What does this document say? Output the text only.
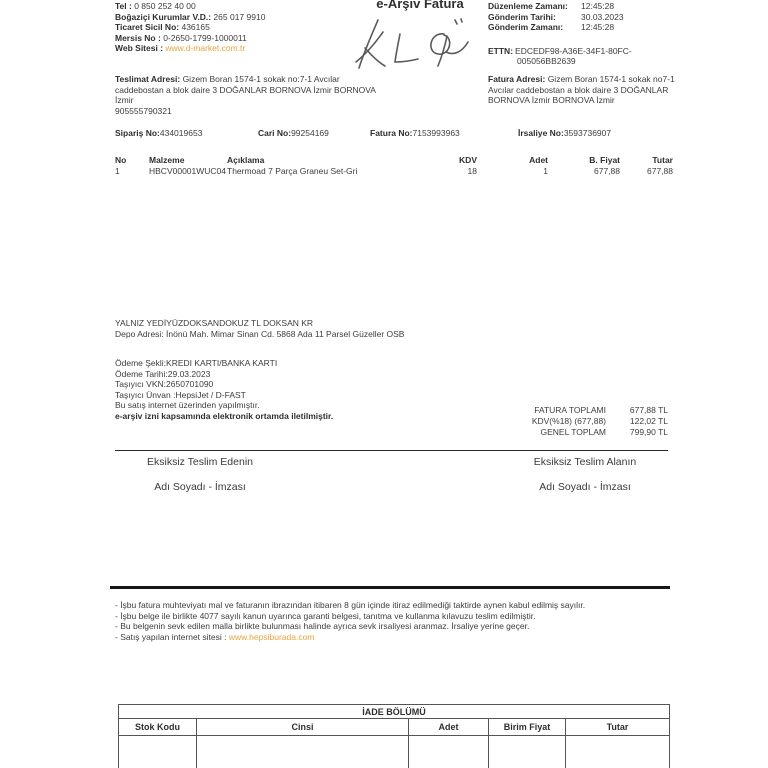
Tel : 0 850 252 40 00
Boğaziçi Kurumlar V.D.: 265 017 9910
Ticaret Sicil No: 436165
Mersis No : 0-2650-1799-1000011
Web Sitesi : www.d-market.com.tr
e-Arşiv Fatura	Düzenleme Zamanı:	12:45:28
Gönderim Tarihi:	30.03.2023
Gönderim Zamanı:	12:45:28
ETTN: EDCEDF98-A36E-34F1-80FC-
005056BB2639
Teslimat Adresi: Gizem Boran 1574-1 sokak no:7-1 Avcılar caddebostan a blok daire 3 DOĞANLAR BORNOVA İzmir BORNOVA İzmir
905555790321
Fatura Adresi: Gizem Boran 1574-1 sokak no7-1 Avcılar caddebostan a blok daire 3 DOĞANLAR BORNOVA İzmir BORNOVA İzmir
Sipariş No:434019653	Cari No:99254169	Fatura No:7153993963	İrsaliye No:3593736907
No	Malzeme	Açıklama	KDV	Adet	B. Fiyat	Tutar
1	HBCV00001WUC04 Thermoad 7 Parça Graneu Set-Gri	18	1	677,88	677,88
YALNIZ YEDİYÜZDOKSANDOKUZ TL DOKSAN KR
Depo Adresi: İnönü Mah. Mimar Sinan Cd. 5868 Ada 11 Parsel Güzeller OSB
Ödeme Şekli:KREDI KARTI/BANKA KARTI
Ödeme Tarihi:29.03.2023
Taşıyıcı VKN:2650701090
Taşıyıcı Ünvan :HepsiJet / D-FAST
Bu satış internet üzerinden yapılmıştır.
e-arşiv izni kapsamında elektronik ortamda iletilmiştir.
FATURA TOPLAMI	677,88 TL
KDV(%18) (677,88)	122,02 TL
GENEL TOPLAM	799,90 TL
Eksiksiz Teslim Edenin	Eksiksiz Teslim Alanın
Adı Soyadı - İmzası	Adı Soyadı - İmzası
- İşbu fatura muhteviyatı mal ve faturanın ibrazından itibaren 8 gün içinde itiraz edilmediği taktirde aynen kabul edilmiş sayılır.
- İşbu belge ile birlikte 4077 sayılı kanun uyarınca garanti belgesi, tanıtma ve kullanma kılavuzu teslim edilmiştir.
- Bu belgenin sevk edilen malla birlikte bulunması halinde ayrıca sevk irsaliyesi aranmaz. İrsaliye yerine geçer.
- Satış yapılan internet sitesi : www.hepsiburada.com
İADE BÖLÜMÜ				
Stok Kodu	Cinsi	Adet	Birim Fiyat	Tutar
